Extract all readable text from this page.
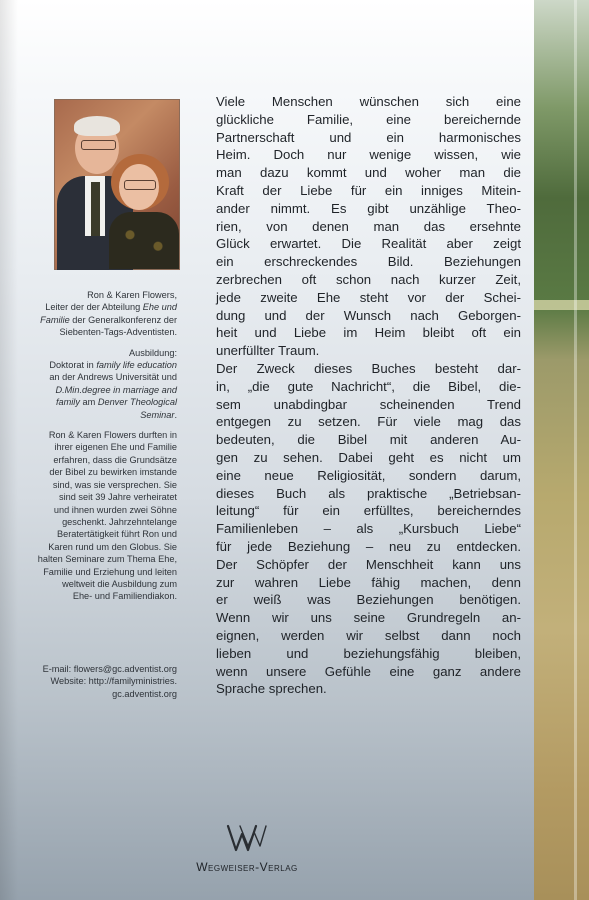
Ron & Karen Flowers,

Leiter der der Abteilung Ehe und

Familie der Generalkonferenz der

Siebenten-Tags-Adventisten.

Ausbildung:

Doktorat in family life education

an der Andrews Universität und

D.Min.degree in marriage and

family am Denver Theological

Seminar.

Ron & Karen Flowers durften in

ihrer eigenen Ehe und Familie

erfahren, dass die Grundsätze

der Bibel zu bewirken imstande

sind, was sie versprechen. Sie

sind seit 39 Jahre verheiratet

und ihnen wurden zwei Söhne

geschenkt. Jahrzehntelange

Beratertätigkeit führt Ron und

Karen rund um den Globus. Sie

halten Seminare zum Thema Ehe,

Familie und Erziehung und leiten

weltweit die Ausbildung zum

Ehe- und Familiendiakon.

E-mail: flowers@gc.adventist.org

Website: http://familyministries.

gc.adventist.org

Viele Menschen wünschen sich eine
glückliche Familie, eine bereichernde
Partnerschaft und ein harmonisches
Heim. Doch nur wenige wissen, wie
man dazu kommt und woher man die
Kraft der Liebe für ein inniges Mitein-
ander nimmt. Es gibt unzählige Theo-
rien, von denen man das ersehnte
Glück erwartet. Die Realität aber zeigt
ein erschreckendes Bild. Beziehungen
zerbrechen oft schon nach kurzer Zeit,
jede zweite Ehe steht vor der Schei-
dung und der Wunsch nach Geborgen-
heit und Liebe im Heim bleibt oft ein
unerfüllter Traum.

Der Zweck dieses Buches besteht dar-
in, „die gute Nachricht“, die Bibel, die-
sem unabdingbar scheinenden Trend
entgegen zu setzen. Für viele mag das
bedeuten, die Bibel mit anderen Au-
gen zu sehen. Dabei geht es nicht um
eine neue Religiosität, sondern darum,
dieses Buch als praktische „Betriebsan-
leitung“ für ein erfülltes, bereicherndes
Familienleben – als „Kursbuch Liebe“
für jede Beziehung – neu zu entdecken.
Der Schöpfer der Menschheit kann uns
zur wahren Liebe fähig machen, denn
er weiß was Beziehungen benötigen.
Wenn wir uns seine Grundregeln an-
eignen, werden wir selbst dann noch
lieben und beziehungsfähig bleiben,
wenn unsere Gefühle eine ganz andere
Sprache sprechen.

Wegweiser-Verlag
